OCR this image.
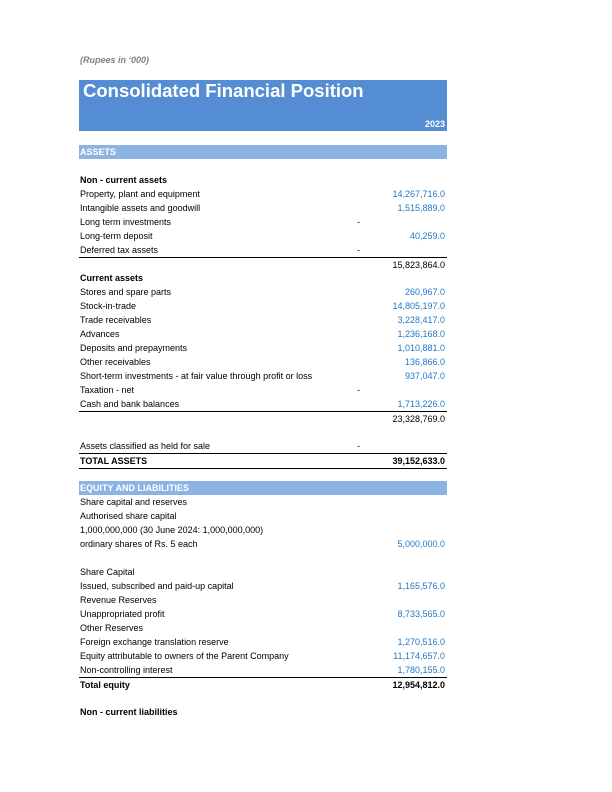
(Rupees in ‘000)
Consolidated Financial Position
2023
ASSETS
Non - current assets
Property, plant and equipment	14,267,716.0
Intangible assets and goodwill	1,515,889.0
Long term investments	-
Long-term deposit	40,259.0
Deferred tax assets	-
15,823,864.0
Current assets
Stores and spare parts	260,967.0
Stock-in-trade	14,805,197.0
Trade receivables	3,228,417.0
Advances	1,236,168.0
Deposits and prepayments	1,010,881.0
Other receivables	136,866.0
Short-term investments - at fair value through profit or loss	937,047.0
Taxation - net	-
Cash and bank balances	1,713,226.0
23,328,769.0
Assets classified as held for sale	-
TOTAL ASSETS	39,152,633.0
EQUITY AND LIABILITIES
Share capital and reserves
Authorised share capital
1,000,000,000 (30 June 2024: 1,000,000,000)
ordinary shares of Rs. 5 each	5,000,000.0
Share Capital
Issued, subscribed and paid-up capital	1,165,576.0
Revenue Reserves
Unappropriated profit	8,733,565.0
Other Reserves
Foreign exchange translation reserve	1,270,516.0
Equity attributable to owners of the Parent Company	11,174,657.0
Non-controlling interest	1,780,155.0
Total equity	12,954,812.0
Non - current liabilities
